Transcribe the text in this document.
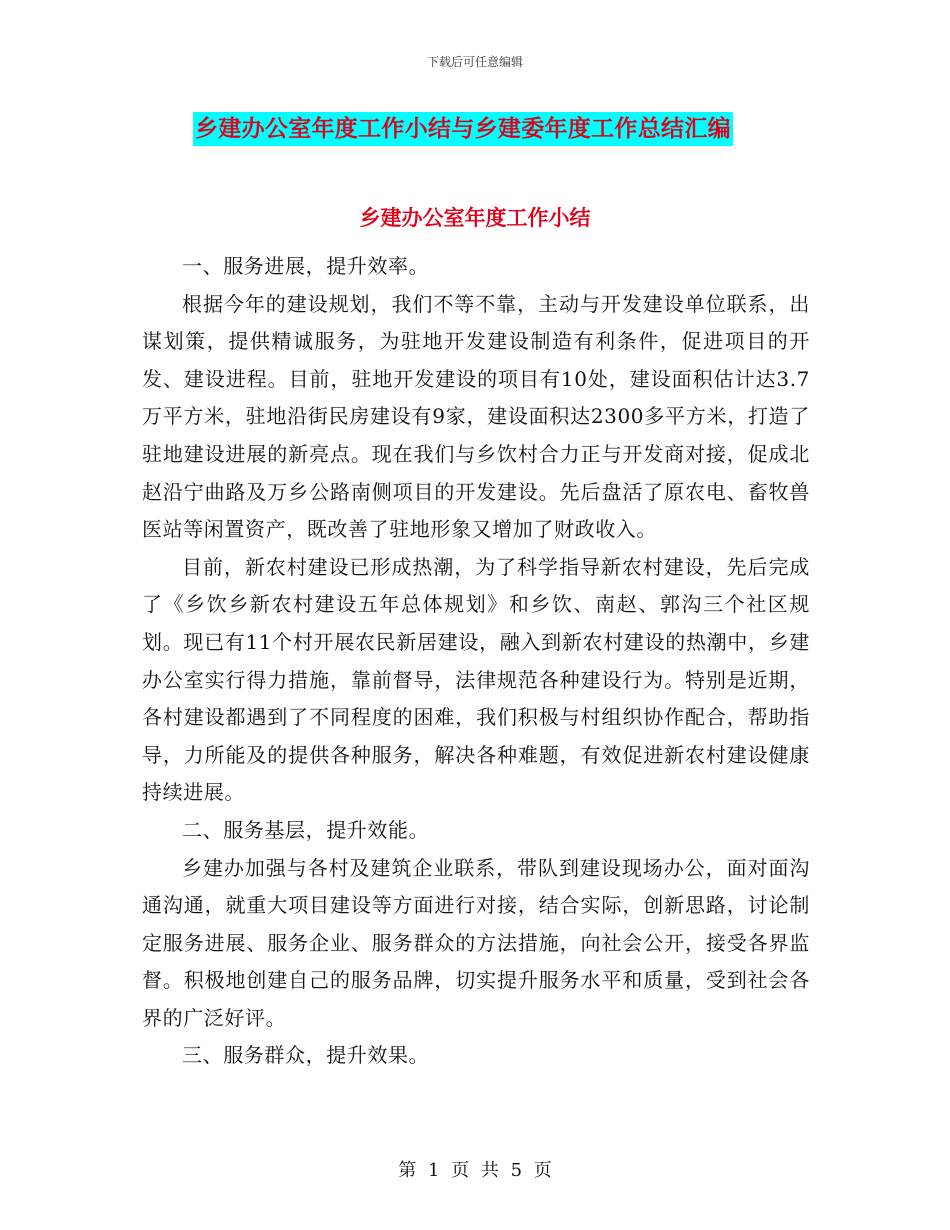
下载后可任意编辑
乡建办公室年度工作小结与乡建委年度工作总结汇编
乡建办公室年度工作小结

一、服务进展，提升效率。

根据今年的建设规划，我们不等不靠，主动与开发建设单位联系，出谋划策，提供精诚服务，为驻地开发建设制造有利条件，促进项目的开发、建设进程。目前，驻地开发建设的项目有10处，建设面积估计达3.7万平方米，驻地沿街民房建设有9家，建设面积达2300多平方米，打造了驻地建设进展的新亮点。现在我们与乡饮村合力正与开发商对接，促成北赵沿宁曲路及万乡公路南侧项目的开发建设。先后盘活了原农电、畜牧兽医站等闲置资产，既改善了驻地形象又增加了财政收入。

目前，新农村建设已形成热潮，为了科学指导新农村建设，先后完成了《乡饮乡新农村建设五年总体规划》和乡饮、南赵、郭沟三个社区规划。现已有11个村开展农民新居建设，融入到新农村建设的热潮中，乡建办公室实行得力措施，靠前督导，法律规范各种建设行为。特别是近期，各村建设都遇到了不同程度的困难，我们积极与村组织协作配合，帮助指导，力所能及的提供各种服务，解决各种难题，有效促进新农村建设健康持续进展。

二、服务基层，提升效能。

乡建办加强与各村及建筑企业联系，带队到建设现场办公，面对面沟通沟通，就重大项目建设等方面进行对接，结合实际，创新思路，讨论制定服务进展、服务企业、服务群众的方法措施，向社会公开，接受各界监督。积极地创建自己的服务品牌，切实提升服务水平和质量，受到社会各界的广泛好评。

三、服务群众，提升效果。

第 1 页 共 5 页
